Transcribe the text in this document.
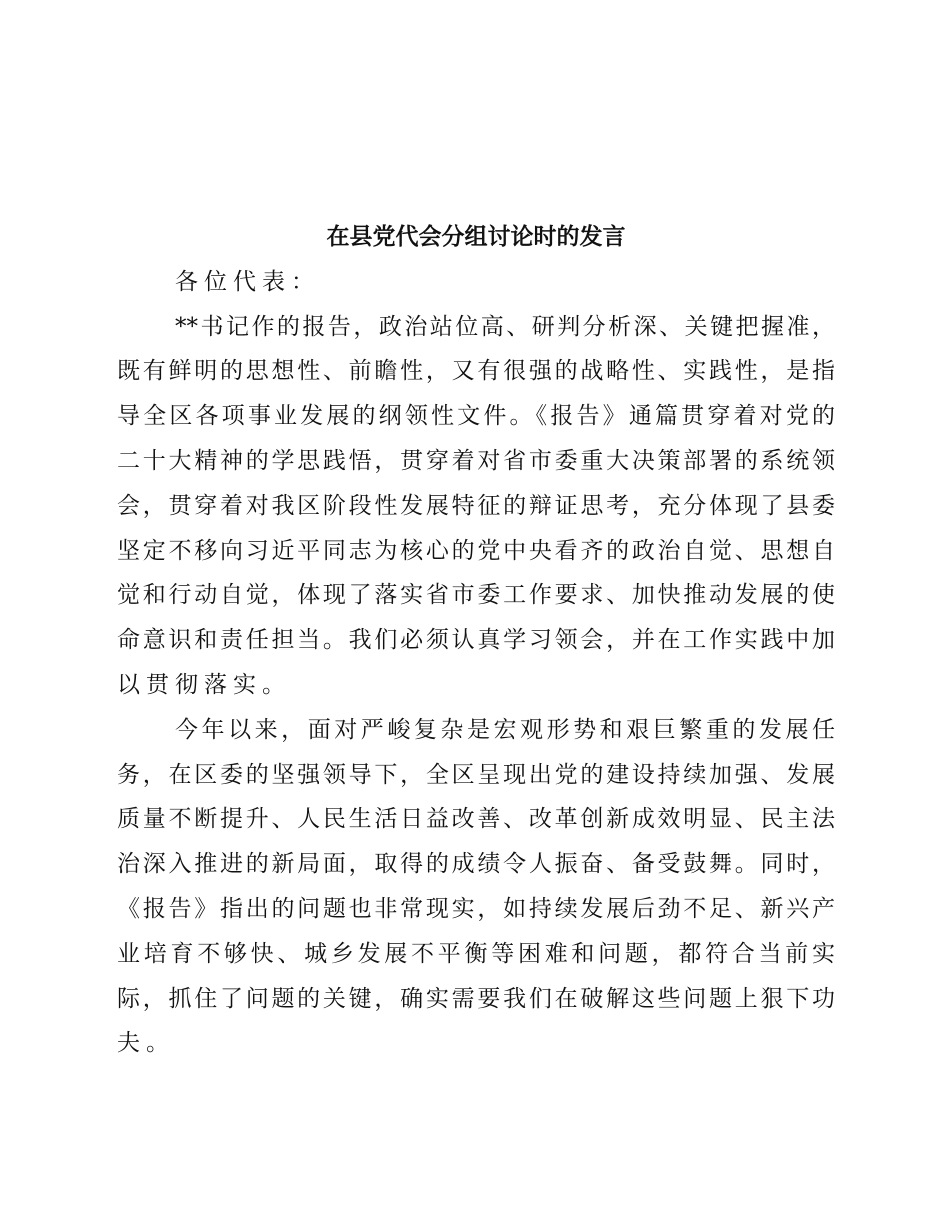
在县党代会分组讨论时的发言
各位代表：
**书记作的报告，政治站位高、研判分析深、关键把握准，
既有鲜明的思想性、前瞻性，又有很强的战略性、实践性，是指
导全区各项事业发展的纲领性文件。《报告》通篇贯穿着对党的
二十大精神的学思践悟，贯穿着对省市委重大决策部署的系统领
会，贯穿着对我区阶段性发展特征的辩证思考，充分体现了县委
坚定不移向习近平同志为核心的党中央看齐的政治自觉、思想自
觉和行动自觉，体现了落实省市委工作要求、加快推动发展的使
命意识和责任担当。我们必须认真学习领会，并在工作实践中加
以贯彻落实。
今年以来，面对严峻复杂是宏观形势和艰巨繁重的发展任
务，在区委的坚强领导下，全区呈现出党的建设持续加强、发展
质量不断提升、人民生活日益改善、改革创新成效明显、民主法
治深入推进的新局面，取得的成绩令人振奋、备受鼓舞。同时，
《报告》指出的问题也非常现实，如持续发展后劲不足、新兴产
业培育不够快、城乡发展不平衡等困难和问题，都符合当前实
际，抓住了问题的关键，确实需要我们在破解这些问题上狠下功
夫。
